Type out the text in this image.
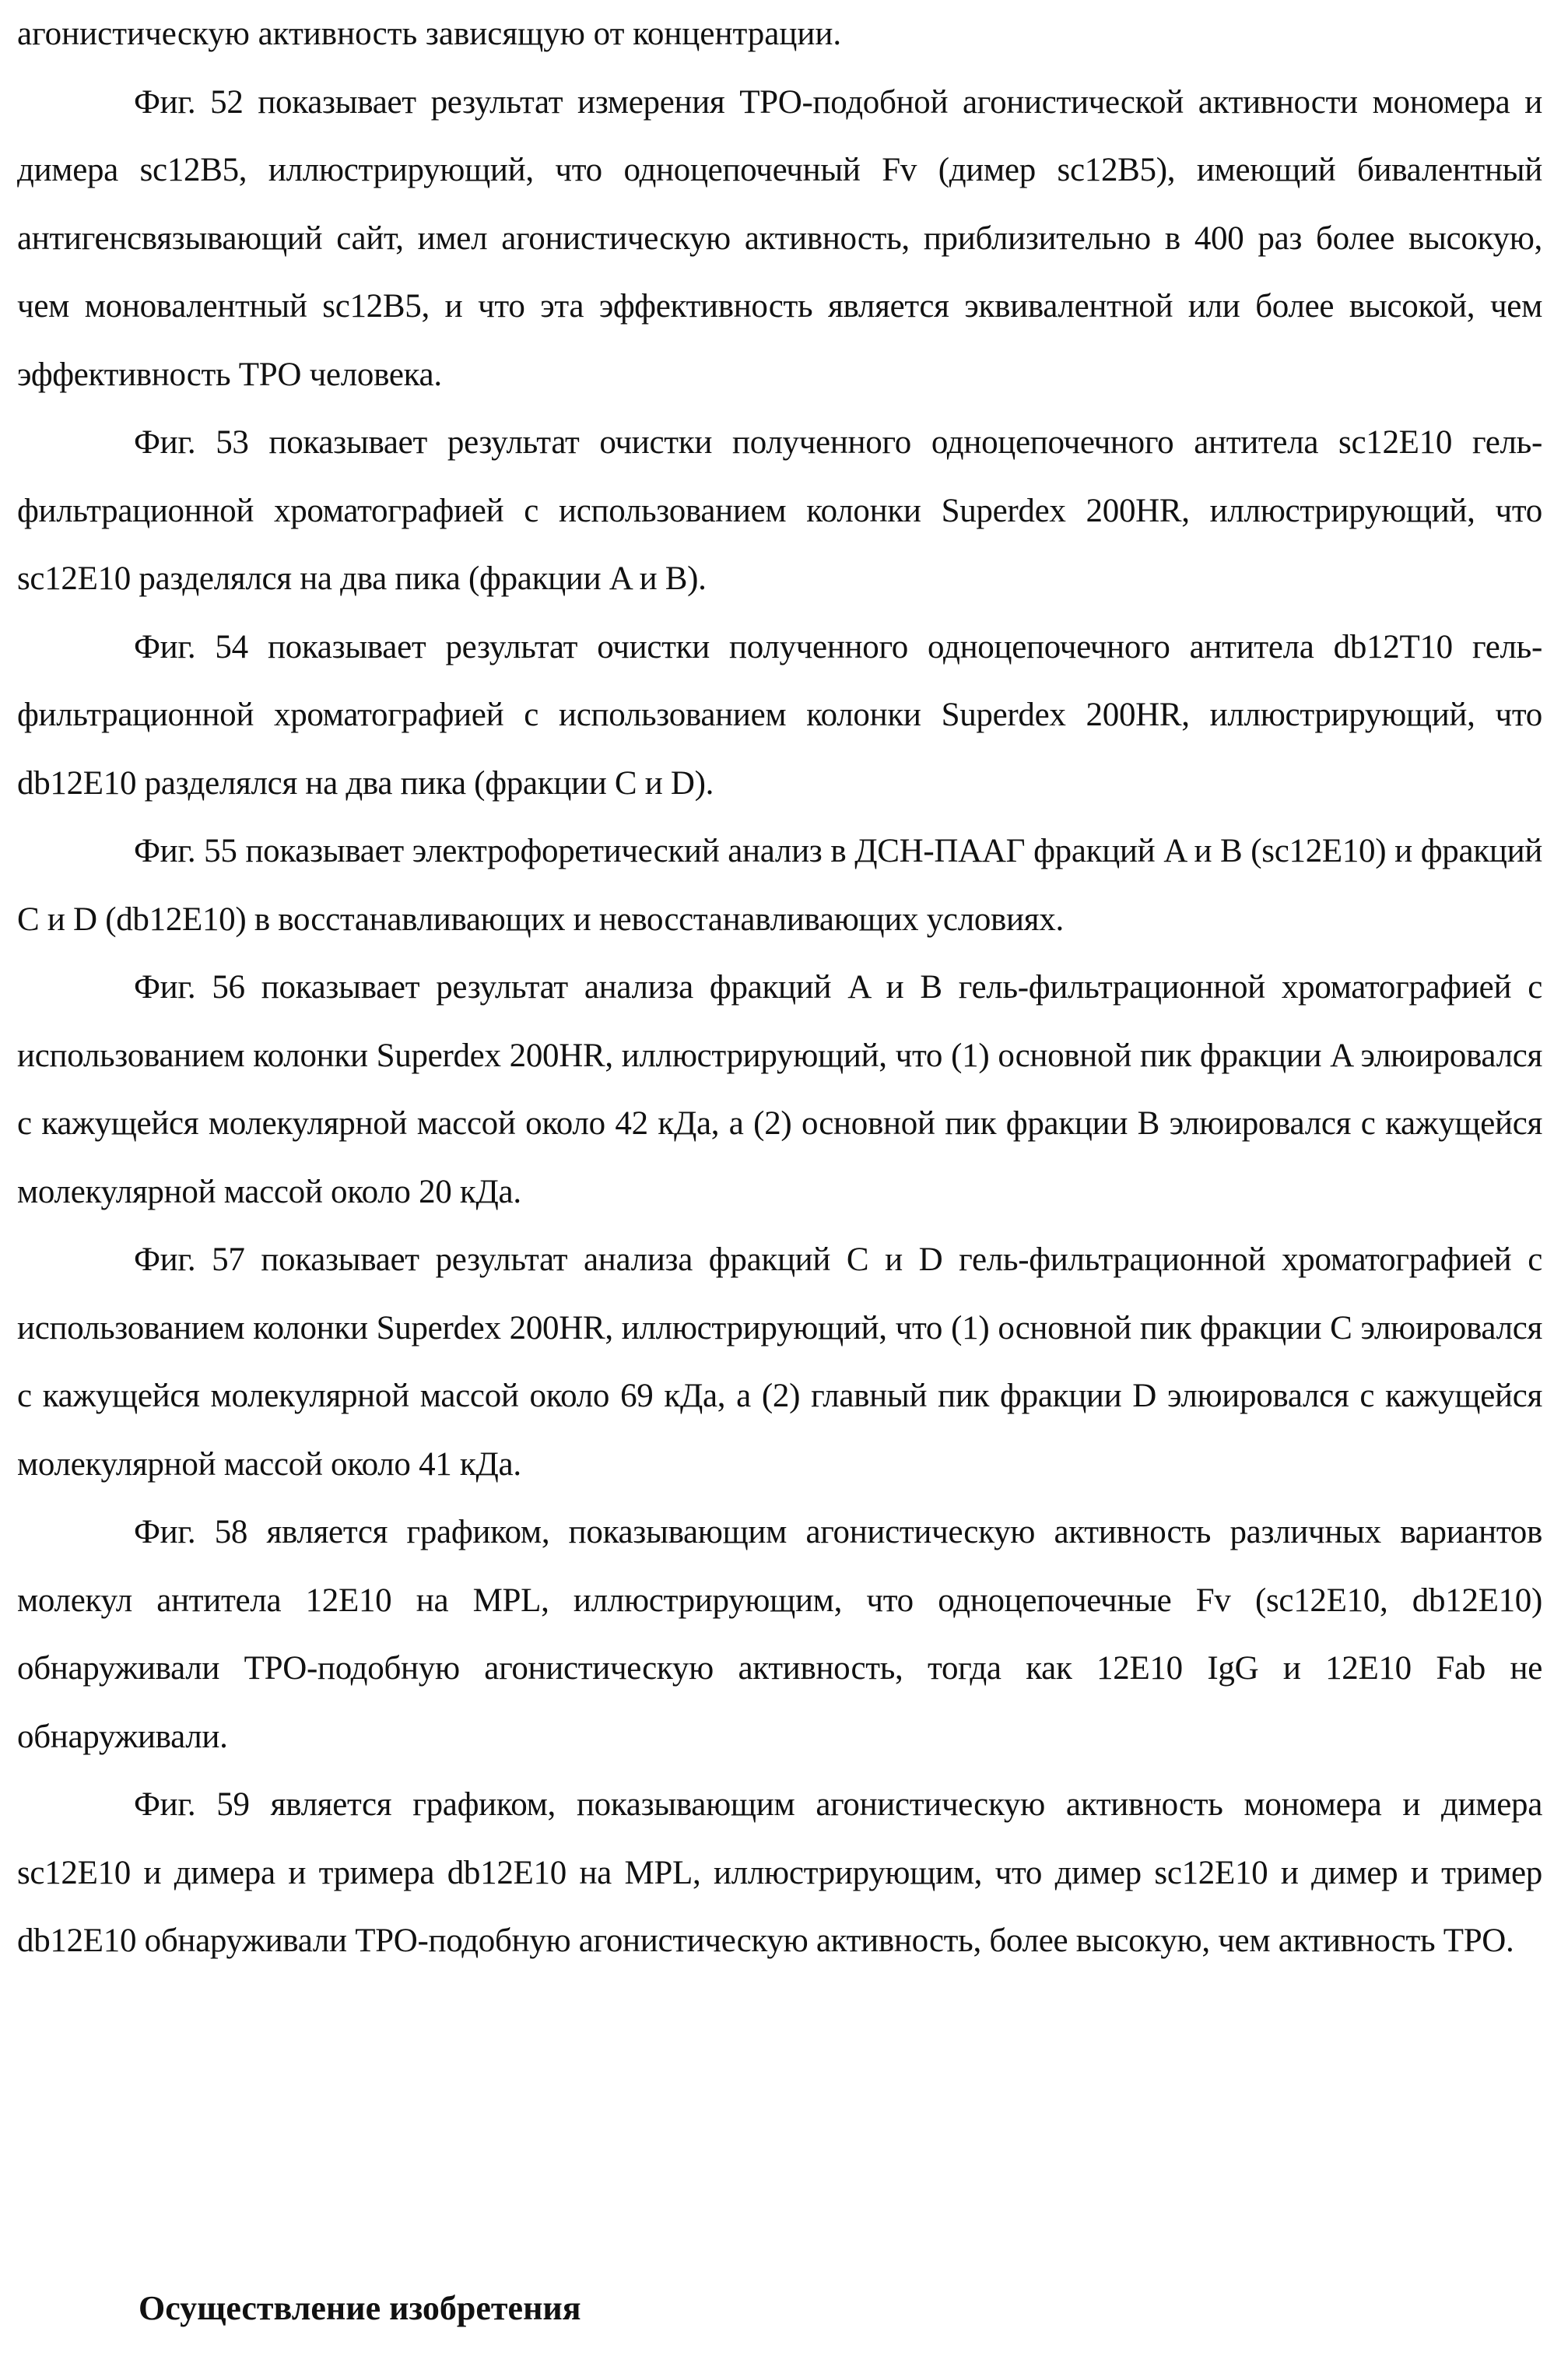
агонистическую активность зависящую от концентрации.

Фиг. 52 показывает результат измерения TPO-подобной агонистической активности мономера и димера sc12B5, иллюстрирующий, что одноцепочечный Fv (димер sc12B5), имеющий бивалентный антигенсвязывающий сайт, имел агонистическую активность, приблизительно в 400 раз более высокую, чем моновалентный sc12B5, и что эта эффективность является эквивалентной или более высокой, чем эффективность TPO человека.

Фиг. 53 показывает результат очистки полученного одноцепочечного антитела sc12E10 гель-фильтрационной хроматографией с использованием колонки Superdex 200HR, иллюстрирующий, что sc12E10 разделялся на два пика (фракции A и B).

Фиг. 54 показывает результат очистки полученного одноцепочечного антитела db12T10 гель-фильтрационной хроматографией с использованием колонки Superdex 200HR, иллюстрирующий, что db12E10 разделялся на два пика (фракции C и D).

Фиг. 55 показывает электрофоретический анализ в ДСН-ПААГ фракций A и B (sc12E10) и фракций C и D (db12E10) в восстанавливающих и невосстанавливающих условиях.

Фиг. 56 показывает результат анализа фракций A и B гель-фильтрационной хроматографией с использованием колонки Superdex 200HR, иллюстрирующий, что (1) основной пик фракции A элюировался с кажущейся молекулярной массой около 42 кДа, а (2) основной пик фракции B элюировался с кажущейся молекулярной массой около 20 кДа.

Фиг. 57 показывает результат анализа фракций C и D гель-фильтрационной хроматографией с использованием колонки Superdex 200HR, иллюстрирующий, что (1) основной пик фракции C элюировался с кажущейся молекулярной массой около 69 кДа, а (2) главный пик фракции D элюировался с кажущейся молекулярной массой около 41 кДа.

Фиг. 58 является графиком, показывающим агонистическую активность различных вариантов молекул антитела 12E10 на MPL, иллюстрирующим, что одноцепочечные Fv (sc12E10, db12E10) обнаруживали TPO-подобную агонистическую активность, тогда как 12E10 IgG и 12E10 Fab не обнаруживали.

Фиг. 59 является графиком, показывающим агонистическую активность мономера и димера sc12E10 и димера и тримера db12E10 на MPL, иллюстрирующим, что димер sc12E10 и димер и тример db12E10 обнаруживали TPO-подобную агонистическую активность, более высокую, чем активность TPO.

Осуществление изобретения
